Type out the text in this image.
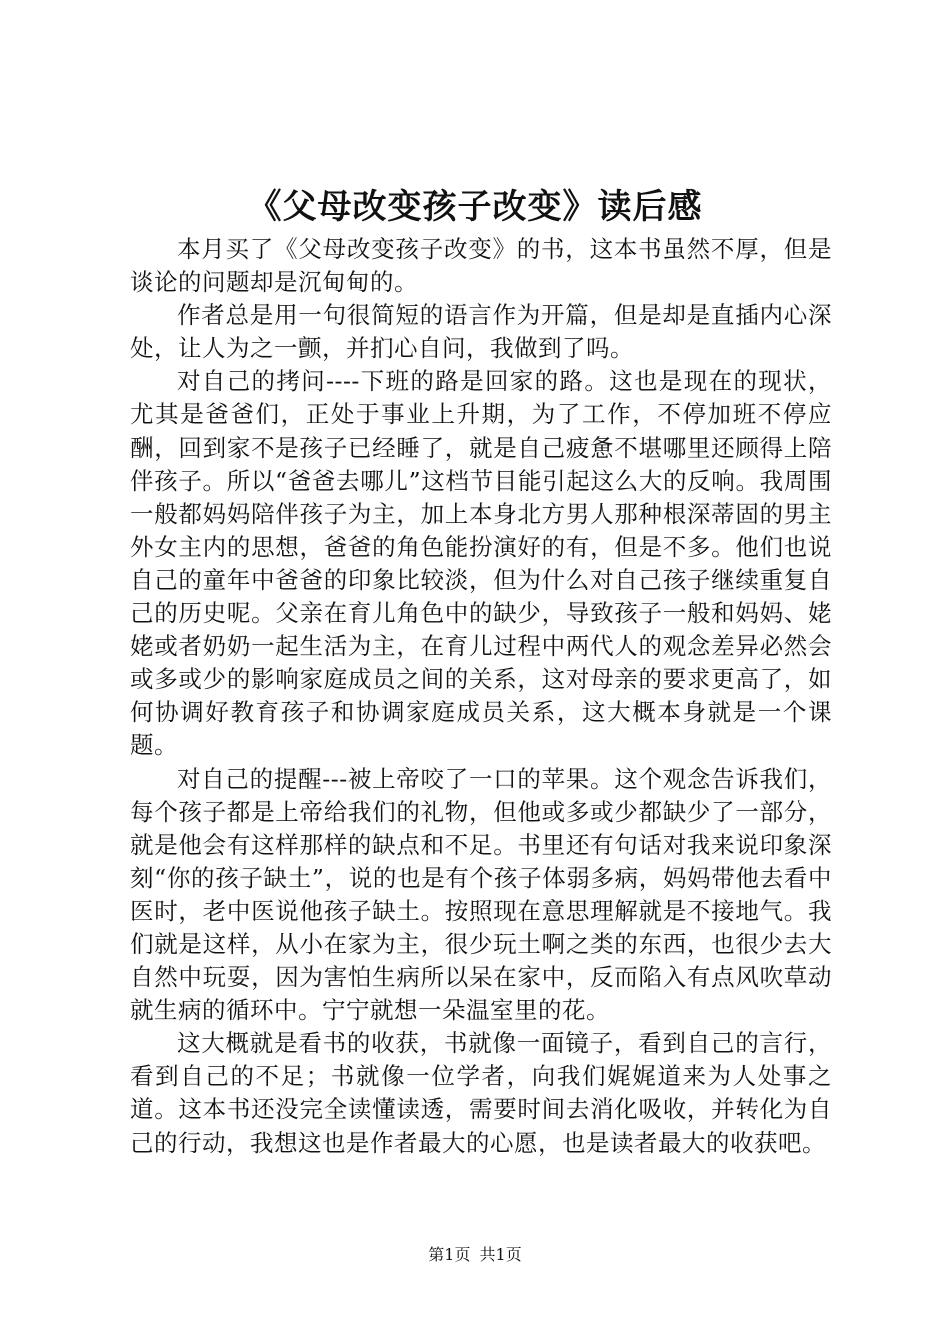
《父母改变孩子改变》读后感

本月买了《父母改变孩子改变》的书，这本书虽然不厚，但是谈论的问题却是沉甸甸的。

作者总是用一句很简短的语言作为开篇，但是却是直插内心深处，让人为之一颤，并扪心自问，我做到了吗。

对自己的拷问----下班的路是回家的路。这也是现在的现状，尤其是爸爸们，正处于事业上升期，为了工作，不停加班不停应酬，回到家不是孩子已经睡了，就是自己疲惫不堪哪里还顾得上陪伴孩子。所以“爸爸去哪儿”这档节目能引起这么大的反响。我周围一般都妈妈陪伴孩子为主，加上本身北方男人那种根深蒂固的男主外女主内的思想，爸爸的角色能扮演好的有，但是不多。他们也说自己的童年中爸爸的印象比较淡，但为什么对自己孩子继续重复自己的历史呢。父亲在育儿角色中的缺少，导致孩子一般和妈妈、姥姥或者奶奶一起生活为主，在育儿过程中两代人的观念差异必然会或多或少的影响家庭成员之间的关系，这对母亲的要求更高了，如何协调好教育孩子和协调家庭成员关系，这大概本身就是一个课题。

对自己的提醒---被上帝咬了一口的苹果。这个观念告诉我们，每个孩子都是上帝给我们的礼物，但他或多或少都缺少了一部分，就是他会有这样那样的缺点和不足。书里还有句话对我来说印象深刻“你的孩子缺土”，说的也是有个孩子体弱多病，妈妈带他去看中医时，老中医说他孩子缺土。按照现在意思理解就是不接地气。我们就是这样，从小在家为主，很少玩土啊之类的东西，也很少去大自然中玩耍，因为害怕生病所以呆在家中，反而陷入有点风吹草动就生病的循环中。宁宁就想一朵温室里的花。

这大概就是看书的收获，书就像一面镜子，看到自己的言行，看到自己的不足；书就像一位学者，向我们娓娓道来为人处事之道。这本书还没完全读懂读透，需要时间去消化吸收，并转化为自己的行动，我想这也是作者最大的心愿，也是读者最大的收获吧。

第1页 共1页
